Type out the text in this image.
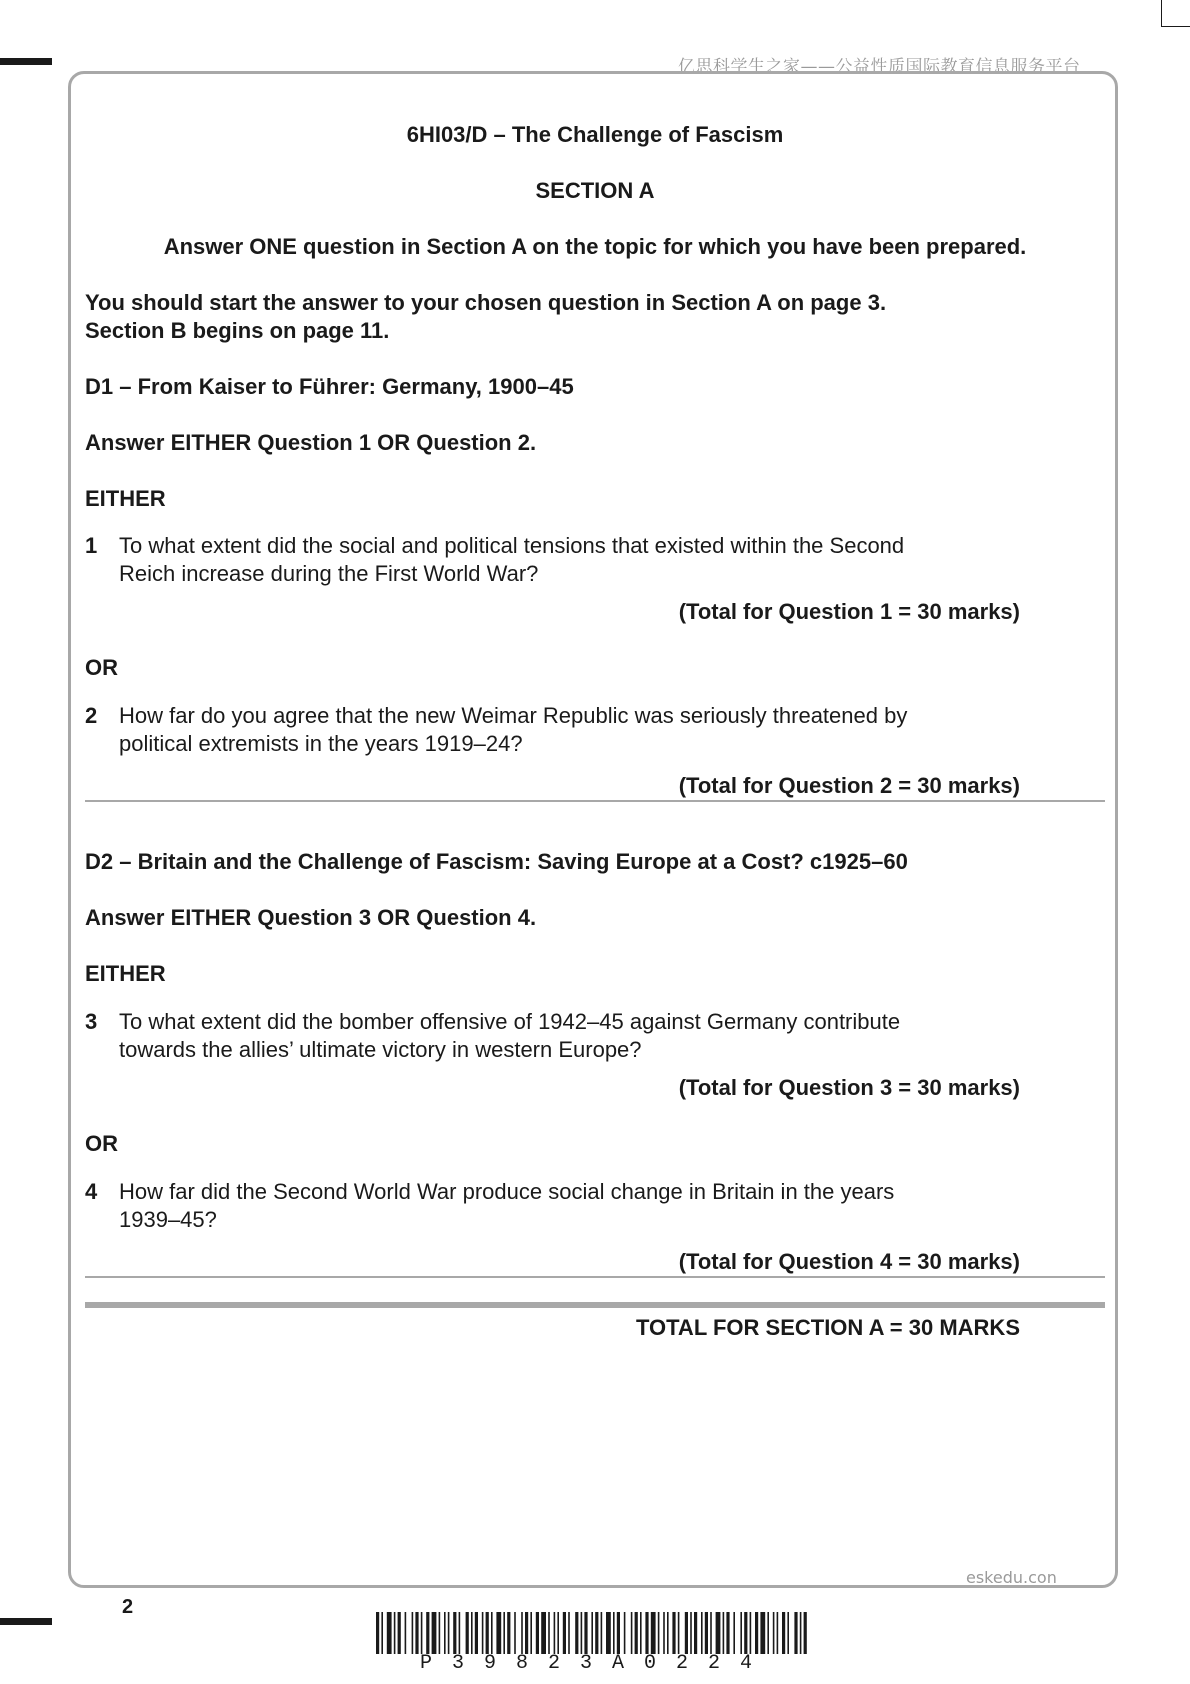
亿思科学生之家——公益性质国际教育信息服务平台
6HI03/D – The Challenge of Fascism
SECTION A
Answer ONE question in Section A on the topic for which you have been prepared.
You should start the answer to your chosen question in Section A on page 3.
Section B begins on page 11.
D1 – From Kaiser to Führer: Germany, 1900–45
Answer EITHER Question 1 OR Question 2.
EITHER
1 To what extent did the social and political tensions that existed within the Second
Reich increase during the First World War?
(Total for Question 1 = 30 marks)
OR
2 How far do you agree that the new Weimar Republic was seriously threatened by
political extremists in the years 1919–24?
(Total for Question 2 = 30 marks)
D2 – Britain and the Challenge of Fascism: Saving Europe at a Cost? c1925–60
Answer EITHER Question 3 OR Question 4.
EITHER
3 To what extent did the bomber offensive of 1942–45 against Germany contribute
towards the allies’ ultimate victory in western Europe?
(Total for Question 3 = 30 marks)
OR
4 How far did the Second World War produce social change in Britain in the years
1939–45?
(Total for Question 4 = 30 marks)
TOTAL FOR SECTION A = 30 MARKS
eskedu.con
2
P39823A0224
